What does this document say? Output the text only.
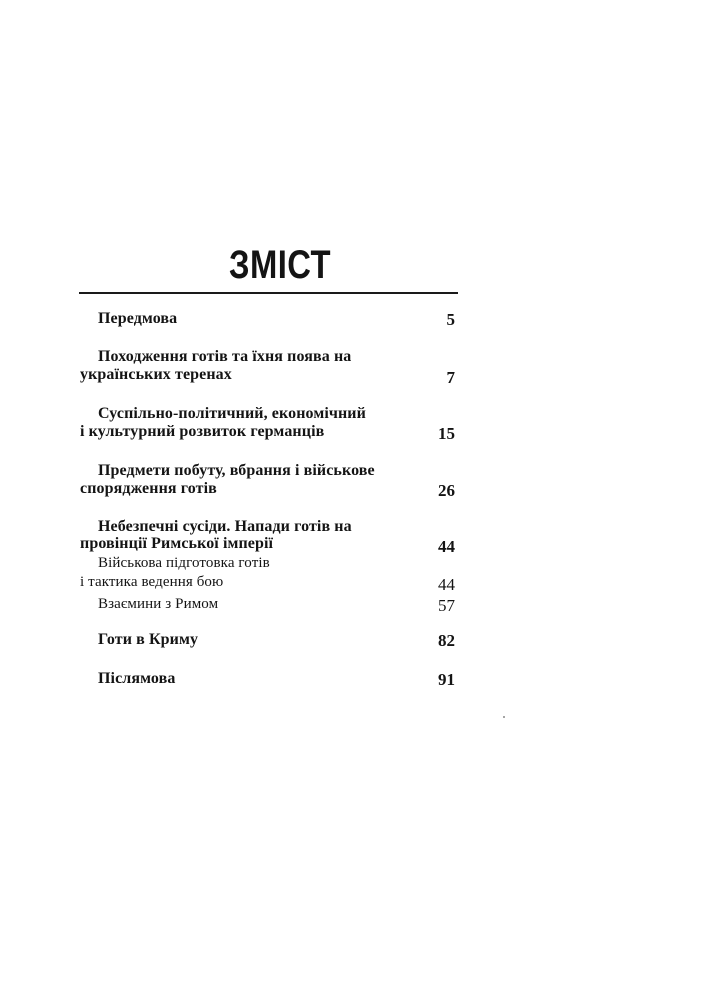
ЗМІСТ
Передмова	5
Походження готів та їхня поява на
українських теренах	7
Суспільно-політичний, економічний
і культурний розвиток германців	15
Предмети побуту, вбрання і військове
спорядження готів	26
Небезпечні сусіди. Напади готів на
провінції Римської імперії	44
Військова підготовка готів
і тактика ведення бою	44
Взаємини з Римом	57
Готи в Криму	82
Післямова	91
